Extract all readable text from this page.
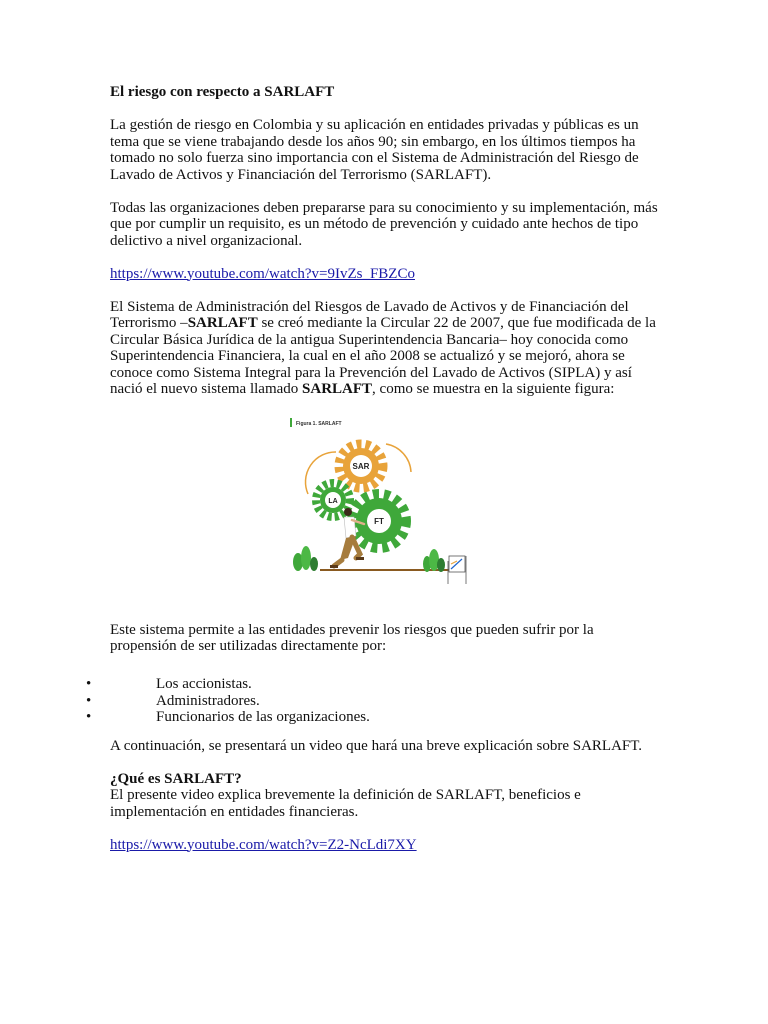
El riesgo con respecto a SARLAFT

La gestión de riesgo en Colombia y su aplicación en entidades privadas y públicas es un tema que se viene trabajando desde los años 90; sin embargo, en los últimos tiempos ha tomado no solo fuerza sino importancia con el Sistema de Administración del Riesgo de Lavado de Activos y Financiación del Terrorismo (SARLAFT).

Todas las organizaciones deben prepararse para su conocimiento y su implementación, más que por cumplir un requisito, es un método de prevención y cuidado ante hechos de tipo delictivo a nivel organizacional.

https://www.youtube.com/watch?v=9IvZs_FBZCo

El Sistema de Administración del Riesgos de Lavado de Activos y de Financiación del Terrorismo –SARLAFT se creó mediante la Circular 22 de 2007, que fue modificada de la Circular Básica Jurídica de la antigua Superintendencia Bancaria– hoy conocida como Superintendencia Financiera, la cual en el año 2008 se actualizó y se mejoró, ahora se conoce como Sistema Integral para la Prevención del Lavado de Activos (SIPLA) y así nació el nuevo sistema llamado SARLAFT, como se muestra en la siguiente figura:

Figura 1. SARLAFT
SAR
LA
FT

Este sistema permite a las entidades prevenir los riesgos que pueden sufrir por la propensión de ser utilizadas directamente por:

A continuación, se presentará un video que hará una breve explicación sobre SARLAFT.

¿Qué es SARLAFT?

El presente video explica brevemente la definición de SARLAFT, beneficios e implementación en entidades financieras.

https://www.youtube.com/watch?v=Z2-NcLdi7XY

•	Los accionistas.
•	Administradores.
•	Funcionarios de las organizaciones.
